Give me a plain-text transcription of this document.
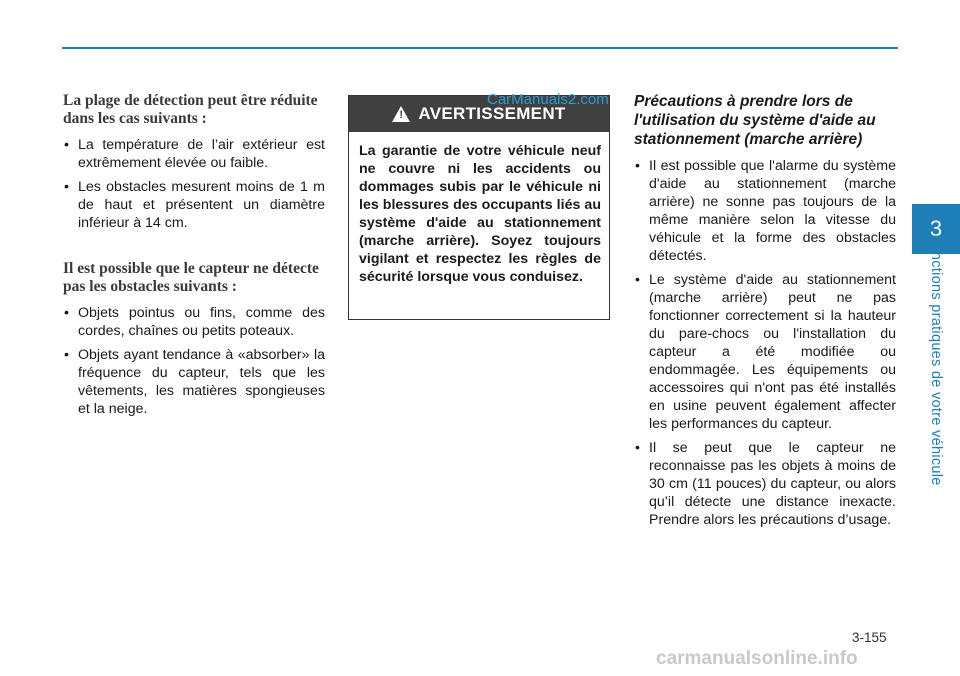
3
Fonctions pratiques de votre véhicule
La plage de détection peut être réduite dans les cas suivants :
• La température de l’air extérieur est extrêmement élevée ou faible.
• Les obstacles mesurent moins de 1 m de haut et présentent un diamètre inférieur à 14 cm.
Il est possible que le capteur ne détecte pas les obstacles suivants :
• Objets pointus ou fins, comme des cordes, chaînes ou petits poteaux.
• Objets ayant tendance à «absorber» la fréquence du capteur, tels que les vêtements, les matières spongieuses et la neige.
!
AVERTISSEMENT
La garantie de votre véhicule neuf ne couvre ni les accidents ou dommages subis par le véhicule ni les blessures des occupants liés au système d'aide au stationnement (marche arrière). Soyez toujours vigilant et respectez les règles de sécurité lorsque vous conduisez.
Précautions à prendre lors de l'utilisation du système d'aide au stationnement (marche arrière)
• Il est possible que l'alarme du système d'aide au stationnement (marche arrière) ne sonne pas toujours de la même manière selon la vitesse du véhicule et la forme des obstacles détectés.
• Le système d'aide au stationnement (marche arrière) peut ne pas fonctionner correctement si la hauteur du pare-chocs ou l'installation du capteur a été modifiée ou endommagée. Les équipements ou accessoires qui n'ont pas été installés en usine peuvent également affecter les performances du capteur.
• Il se peut que le capteur ne reconnaisse pas les objets à moins de 30 cm (11 pouces) du capteur, ou alors qu’il détecte une distance inexacte. Prendre alors les précautions d’usage.
CarManuals2.com
3-155
carmanualsonline.info
